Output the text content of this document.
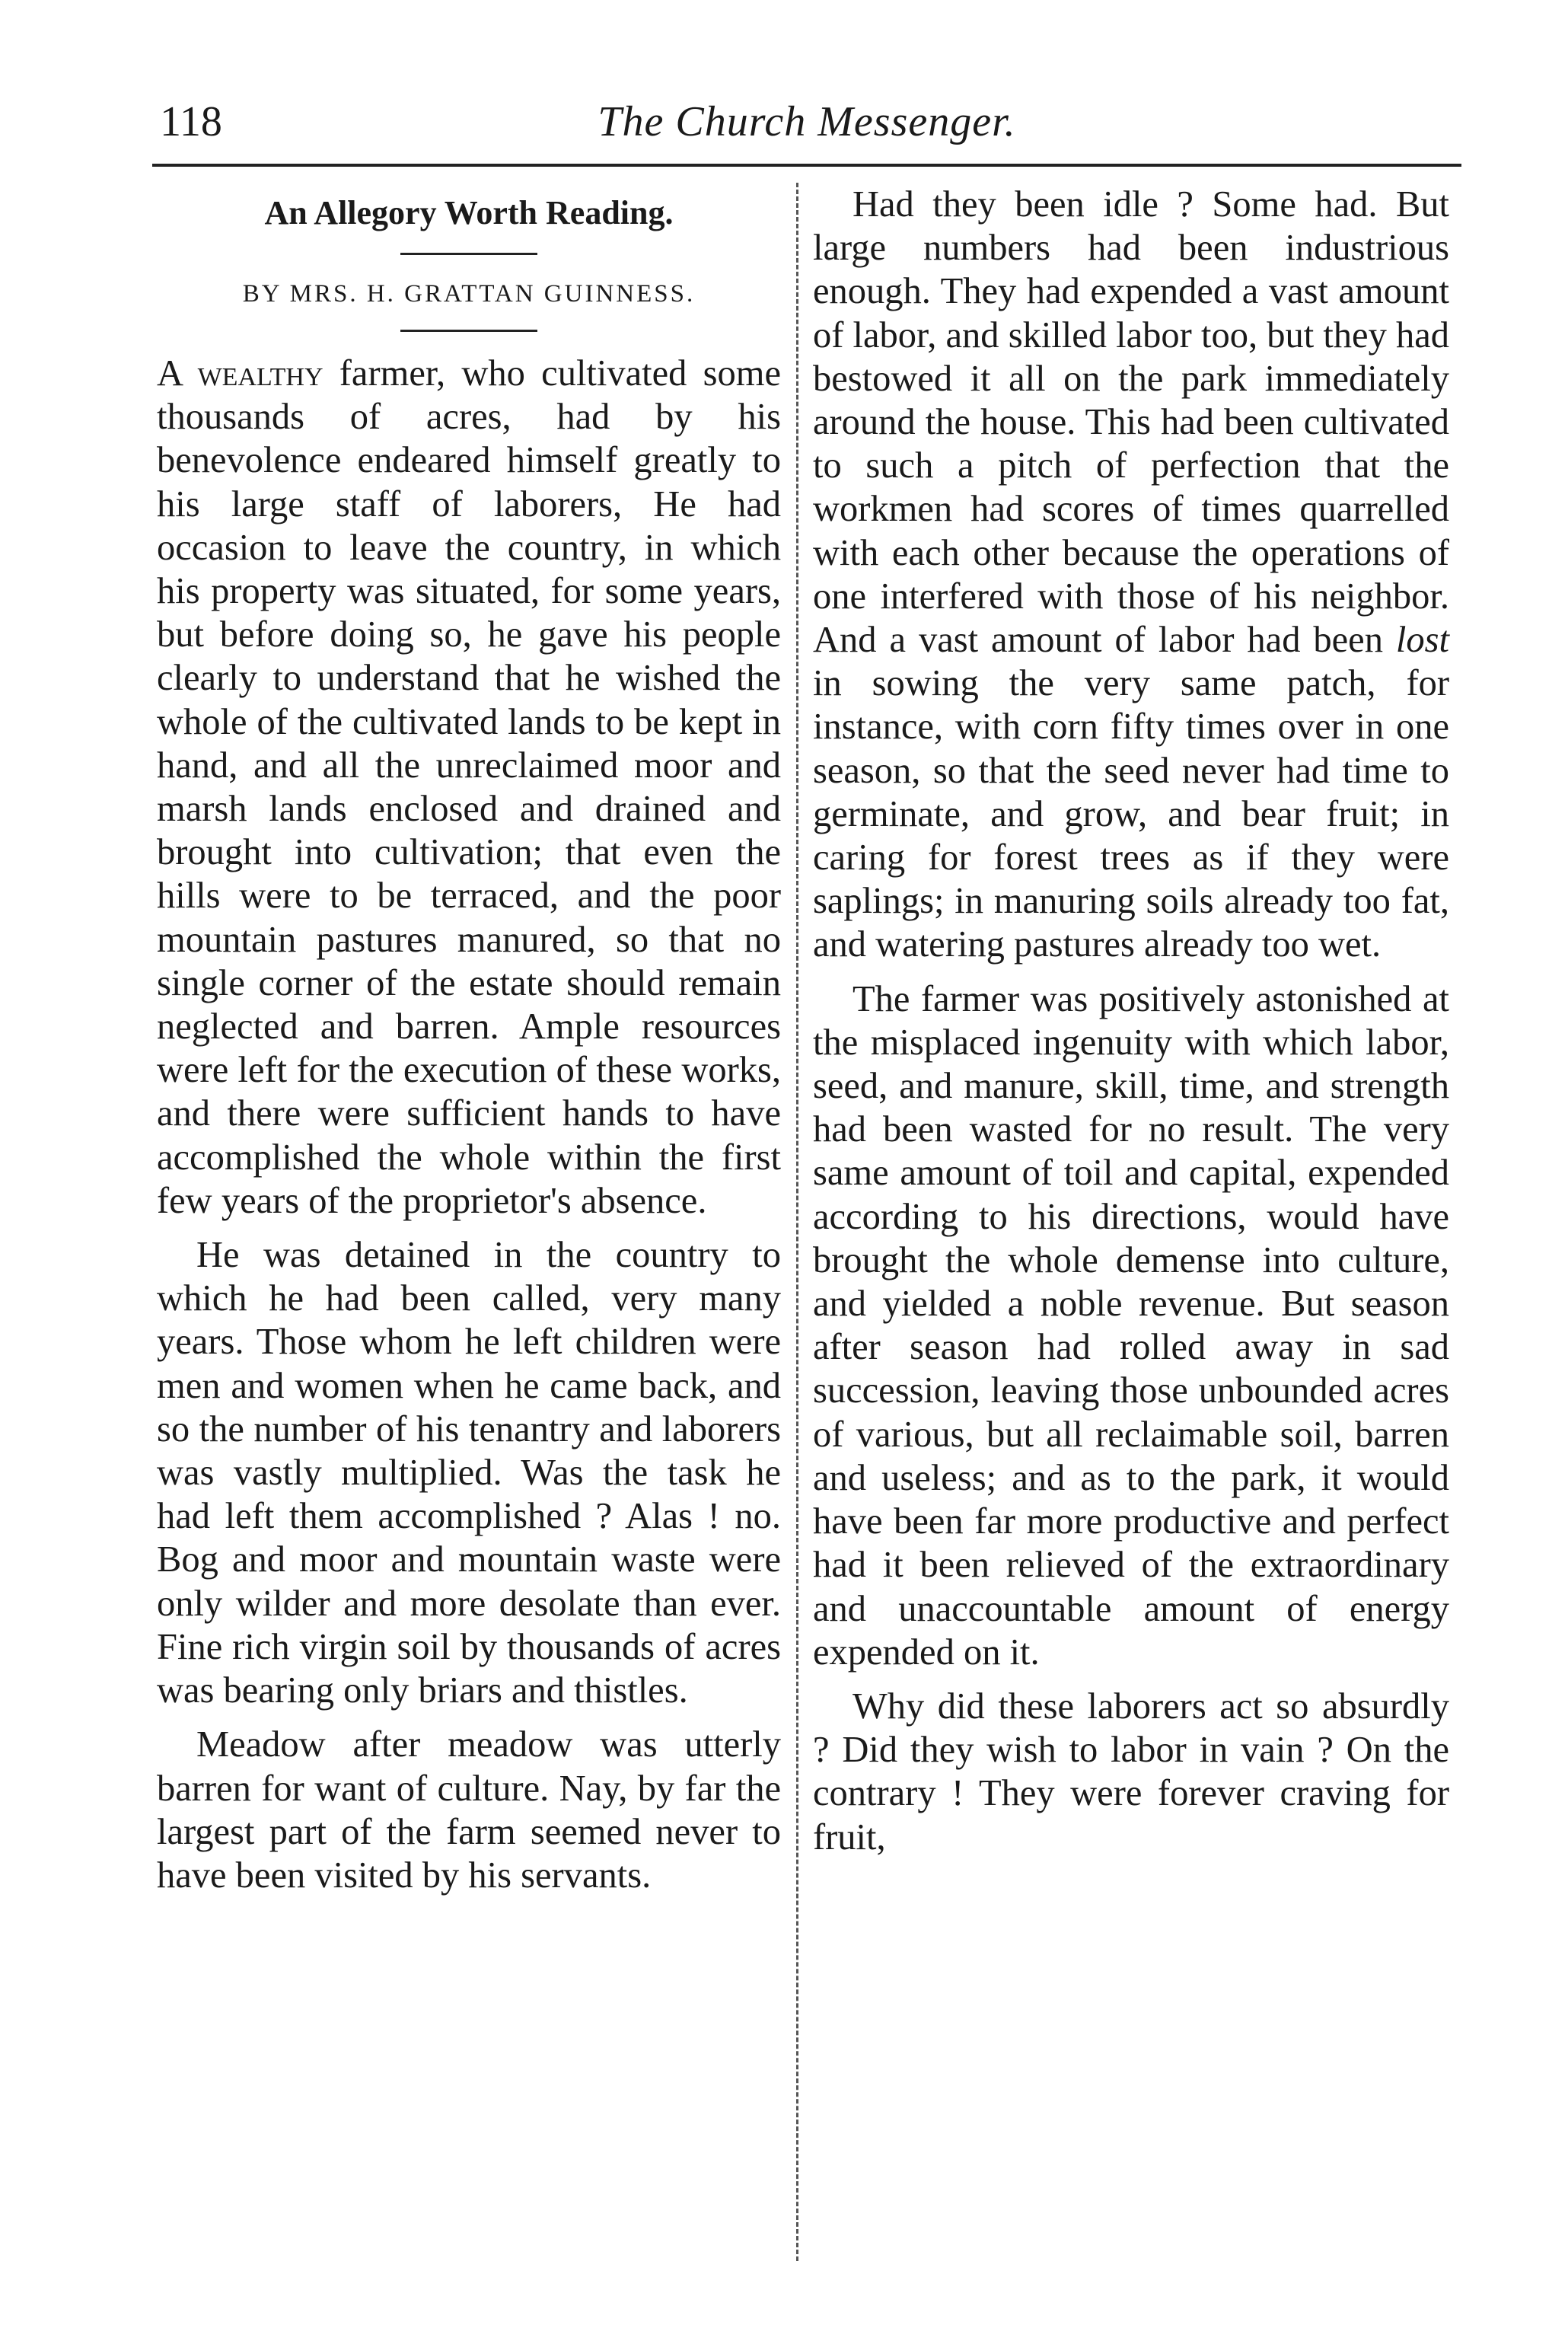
118	The Church Messenger.
An Allegory Worth Reading.
BY MRS. H. GRATTAN GUINNESS.

A wealthy farmer, who cultivated some thousands of acres, had by his benevolence endeared himself greatly to his large staff of laborers, He had occasion to leave the country, in which his property was situated, for some years, but before doing so, he gave his people clearly to understand that he wished the whole of the cultivated lands to be kept in hand, and all the unreclaimed moor and marsh lands enclosed and drained and brought into cultivation; that even the hills were to be terraced, and the poor mountain pastures manured, so that no single corner of the estate should remain neglected and barren. Ample resources were left for the execution of these works, and there were sufficient hands to have accomplished the whole within the first few years of the proprietor's absence.

He was detained in the country to which he had been called, very many years. Those whom he left children were men and women when he came back, and so the number of his tenantry and laborers was vastly multiplied. Was the task he had left them accomplished ? Alas ! no. Bog and moor and mountain waste were only wilder and more desolate than ever. Fine rich virgin soil by thousands of acres was bearing only briars and thistles.

Meadow after meadow was utterly barren for want of culture. Nay, by far the largest part of the farm seemed never to have been visited by his servants.

Had they been idle ? Some had. But large numbers had been industrious enough. They had expended a vast amount of labor, and skilled labor too, but they had bestowed it all on the park immediately around the house. This had been cultivated to such a pitch of perfection that the workmen had scores of times quarrelled with each other because the operations of one interfered with those of his neighbor. And a vast amount of labor had been lost in sowing the very same patch, for instance, with corn fifty times over in one season, so that the seed never had time to germinate, and grow, and bear fruit; in caring for forest trees as if they were saplings; in manuring soils already too fat, and watering pastures already too wet.

The farmer was positively astonished at the misplaced ingenuity with which labor, seed, and manure, skill, time, and strength had been wasted for no result. The very same amount of toil and capital, expended according to his directions, would have brought the whole demense into culture, and yielded a noble revenue. But season after season had rolled away in sad succession, leaving those unbounded acres of various, but all reclaimable soil, barren and useless; and as to the park, it would have been far more productive and perfect had it been relieved of the extraordinary and unaccountable amount of energy expended on it.

Why did these laborers act so absurdly ? Did they wish to labor in vain ? On the contrary ! They were forever craving for fruit,
